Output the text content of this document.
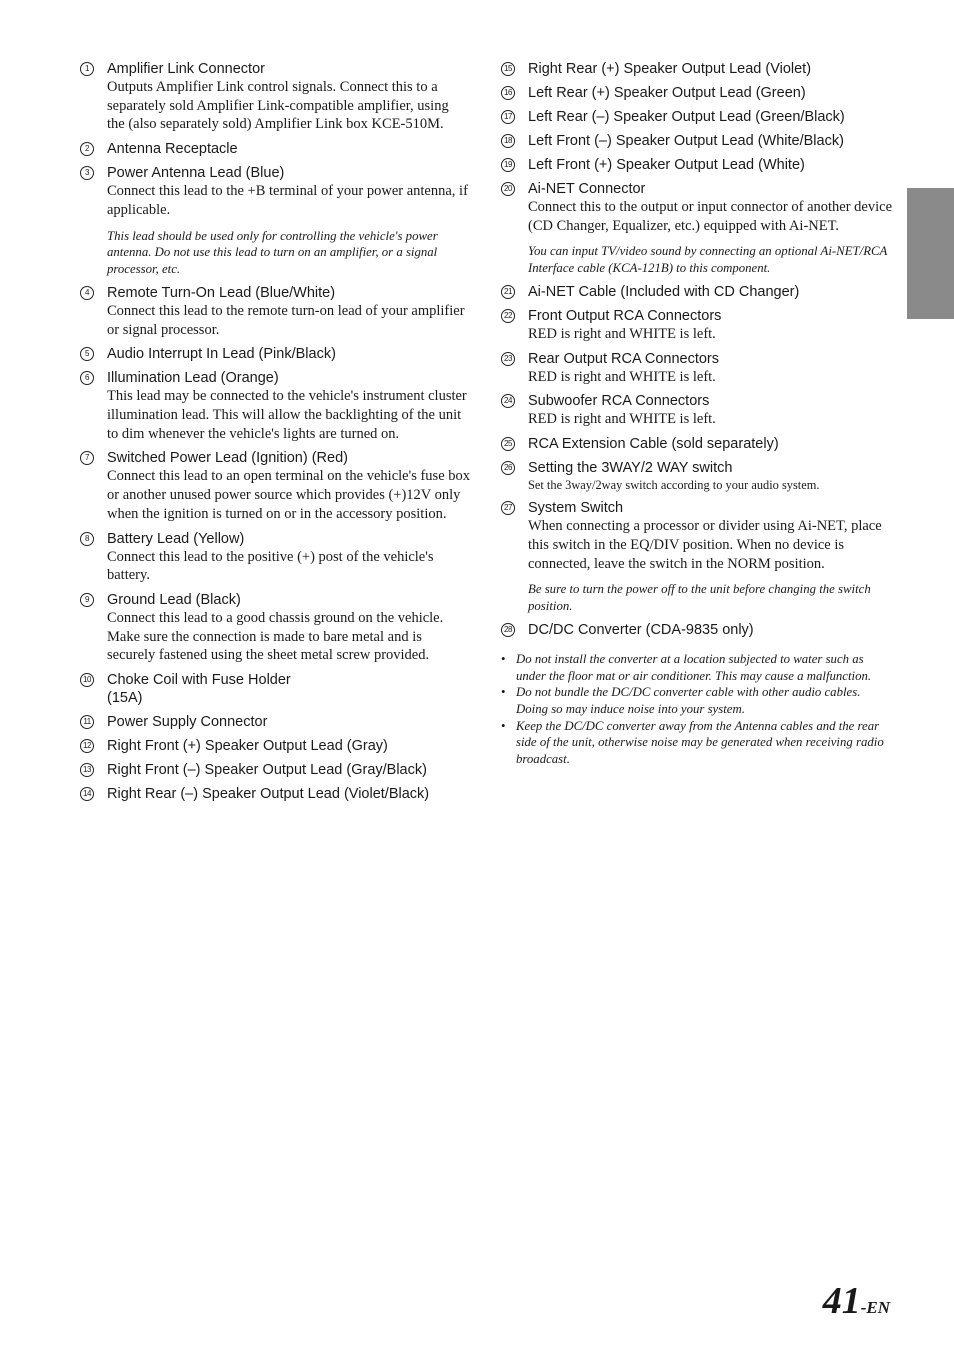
1	Amplifier Link Connector
Outputs Amplifier Link control signals. Connect this to a separately sold Amplifier Link-compatible amplifier, using the (also separately sold) Amplifier Link box KCE-510M.
2	Antenna Receptacle
3	Power Antenna Lead (Blue)
Connect this lead to the +B terminal of your power antenna, if applicable.
This lead should be used only for controlling the vehicle's power antenna. Do not use this lead to turn on an amplifier, or a signal processor, etc.
4	Remote Turn-On Lead (Blue/White)
Connect this lead to the remote turn-on lead of your amplifier or signal processor.
5	Audio Interrupt In Lead (Pink/Black)
6	Illumination Lead (Orange)
This lead may be connected to the vehicle's instrument cluster illumination lead. This will allow the backlighting of the unit to dim whenever the vehicle's lights are turned on.
7	Switched Power Lead (Ignition) (Red)
Connect this lead to an open terminal on the vehicle's fuse box or another unused power source which provides (+)12V only when the ignition is turned on or in the accessory position.
8	Battery Lead (Yellow)
Connect this lead to the positive (+) post of the vehicle's battery.
9	Ground Lead (Black)
Connect this lead to a good chassis ground on the vehicle. Make sure the connection is made to bare metal and is securely fastened using the sheet metal screw provided.
10 Choke Coil with Fuse Holder
(15A)
11 Power Supply Connector
12 Right Front (+) Speaker Output Lead (Gray)
13 Right Front (–) Speaker Output Lead (Gray/Black)
14 Right Rear (–) Speaker Output Lead (Violet/Black)
15 Right Rear (+) Speaker Output Lead (Violet)
16 Left Rear (+) Speaker Output Lead (Green)
17 Left Rear (–) Speaker Output Lead (Green/Black)
18 Left Front (–) Speaker Output Lead (White/Black)
19 Left Front (+) Speaker Output Lead (White)
20 Ai-NET Connector
Connect this to the output or input connector of another device (CD Changer, Equalizer, etc.) equipped with Ai-NET.
You can input TV/video sound by connecting an optional Ai-NET/RCA Interface cable (KCA-121B) to this component.
21 Ai-NET Cable (Included with CD Changer)
22 Front Output RCA Connectors
RED is right and WHITE is left.
23 Rear Output RCA Connectors
RED is right and WHITE is left.
24 Subwoofer RCA Connectors
RED is right and WHITE is left.
25 RCA Extension Cable (sold separately)
26 Setting the 3WAY/2 WAY switch
Set the 3way/2way switch according to your audio system.
27 System Switch
When connecting a processor or divider using Ai-NET, place this switch in the EQ/DIV position. When no device is connected, leave the switch in the NORM position.
Be sure to turn the power off to the unit before changing the switch position.
28 DC/DC Converter (CDA-9835 only)
• Do not install the converter at a location subjected to water such as under the floor mat or air conditioner. This may cause a malfunction.
• Do not bundle the DC/DC converter cable with other audio cables. Doing so may induce noise into your system.
• Keep the DC/DC converter away from the Antenna cables and the rear side of the unit, otherwise noise may be generated when receiving radio broadcast.
41-EN
